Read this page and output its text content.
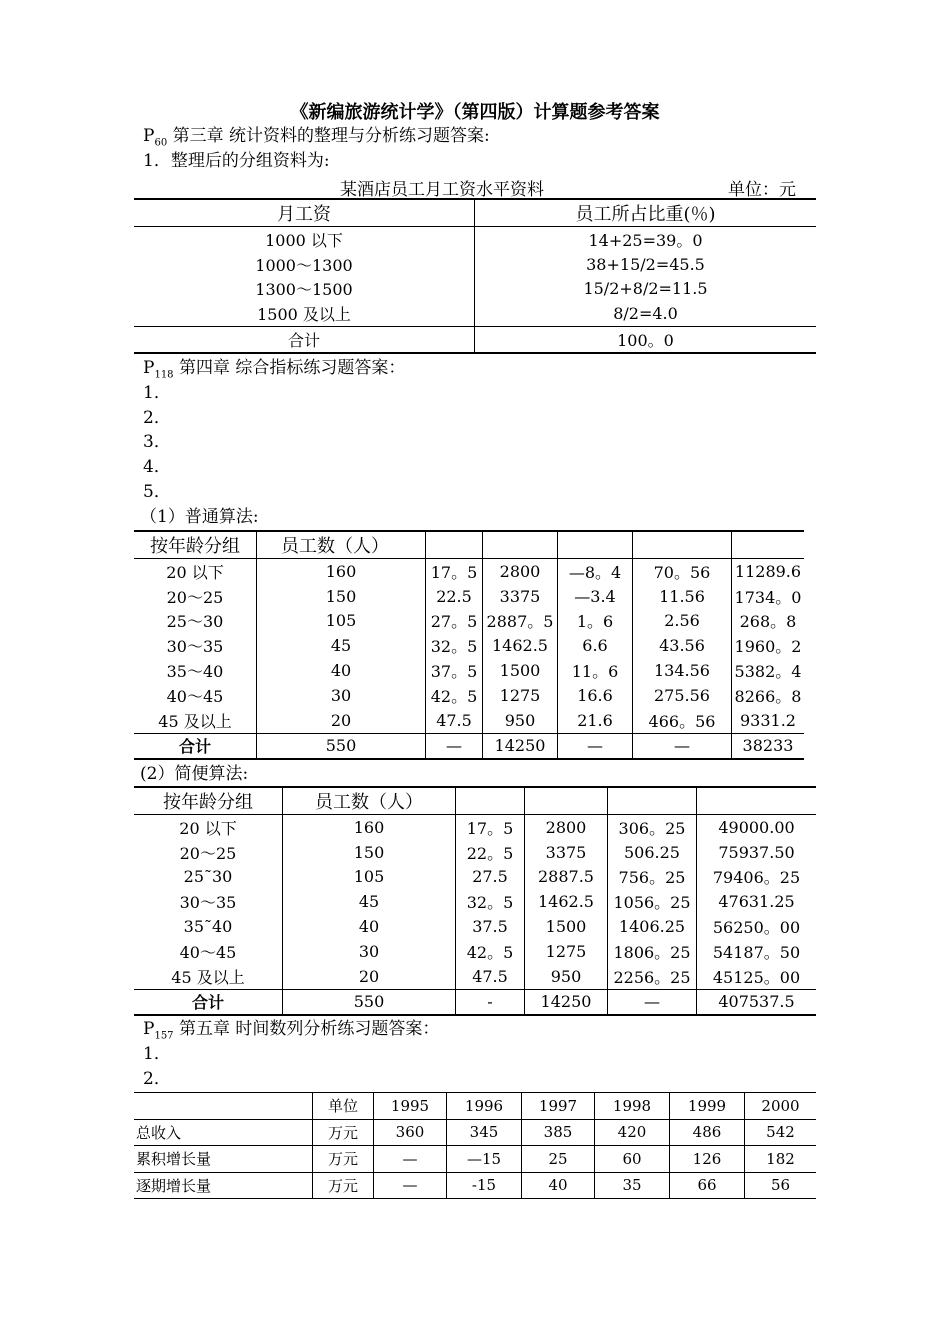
《新编旅游统计学》（第四版）计算题参考答案
$P_{60}$ 第三章 统计资料的整理与分析练习题答案:
1．整理后的分组资料为:
某酒店员工月工资水平资料	单位：元
月工资	员工所占比重(％)
1000 以下	14+25=39。0
1000～1300	38+15/2=45.5
1300～1500	15/2+8/2=11.5
1500 及以上	8/2=4.0
合计	100。0
$P_{118}$ 第四章 综合指标练习题答案：
1．
2．
3．
4．
5．
（1）普通算法:
按年龄分组	员工数（人）					
20 以下	160	17。5	2800	—8。4	70。56	11289.6
20～25	150	22.5	3375	—3.4	11.56	1734。0
25～30	105	27。5	2887。5	1。6	2.56	268。8
30～35	45	32。5	1462.5	6.6	43.56	1960。2
35～40	40	37。5	1500	11。6	134.56	5382。4
40～45	30	42。5	1275	16.6	275.56	8266。8
45 及以上	20	47.5	950	21.6	466。56	9331.2
合计	550	—	14250	—	—	38233
(2）简便算法:
按年龄分组	员工数（人）				
20 以下	160	17。5	2800	306。25	49000.00
20～25	150	22。5	3375	506.25	75937.50
25˜30	105	27.5	2887.5	756。25	79406。25
30～35	45	32。5	1462.5	1056。25	47631.25
35˜40	40	37.5	1500	1406.25	56250。00
40～45	30	42。5	1275	1806。25	54187。50
45 及以上	20	47.5	950	2256。25	45125。00
合计	550	-	14250	—	407537.5
$P_{157}$ 第五章 时间数列分析练习题答案：
1．
2．
	单位	1995	1996	1997	1998	1999	2000
总收入	万元	360	345	385	420	486	542
累积增长量	万元	—	—15	25	60	126	182
逐期增长量	万元	—	-15	40	35	66	56
